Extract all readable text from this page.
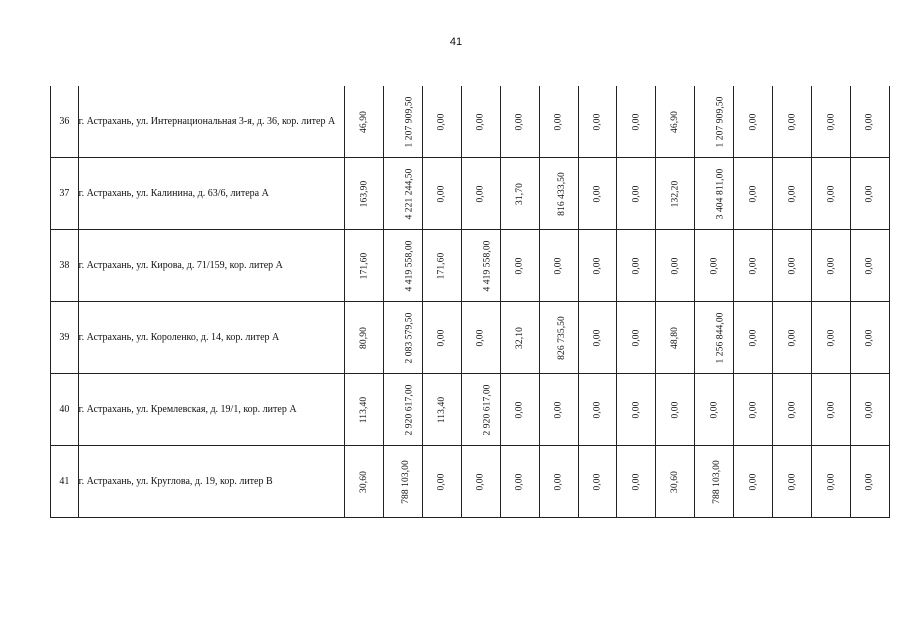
41
36	г. Астрахань, ул. Интернациональная 3-я, д. 36, кор. литер А	46,90	1 207 909,50	0,00	0,00	0,00	0,00	0,00	0,00	46,90	1 207 909,50	0,00	0,00	0,00	0,00
37	г. Астрахань, ул. Калинина, д. 63/6, литера А	163,90	4 221 244,50	0,00	0,00	31,70	816 433,50	0,00	0,00	132,20	3 404 811,00	0,00	0,00	0,00	0,00
38	г. Астрахань, ул. Кирова, д. 71/159, кор. литер А	171,60	4 419 558,00	171,60	4 419 558,00	0,00	0,00	0,00	0,00	0,00	0,00	0,00	0,00	0,00	0,00
39	г. Астрахань, ул. Короленко, д. 14, кор. литер А	80,90	2 083 579,50	0,00	0,00	32,10	826 735,50	0,00	0,00	48,80	1 256 844,00	0,00	0,00	0,00	0,00
40	г. Астрахань, ул. Кремлевская, д. 19/1, кор. литер А	113,40	2 920 617,00	113,40	2 920 617,00	0,00	0,00	0,00	0,00	0,00	0,00	0,00	0,00	0,00	0,00
41	г. Астрахань, ул. Круглова, д. 19, кор. литер В	30,60	788 103,00	0,00	0,00	0,00	0,00	0,00	0,00	30,60	788 103,00	0,00	0,00	0,00	0,00
